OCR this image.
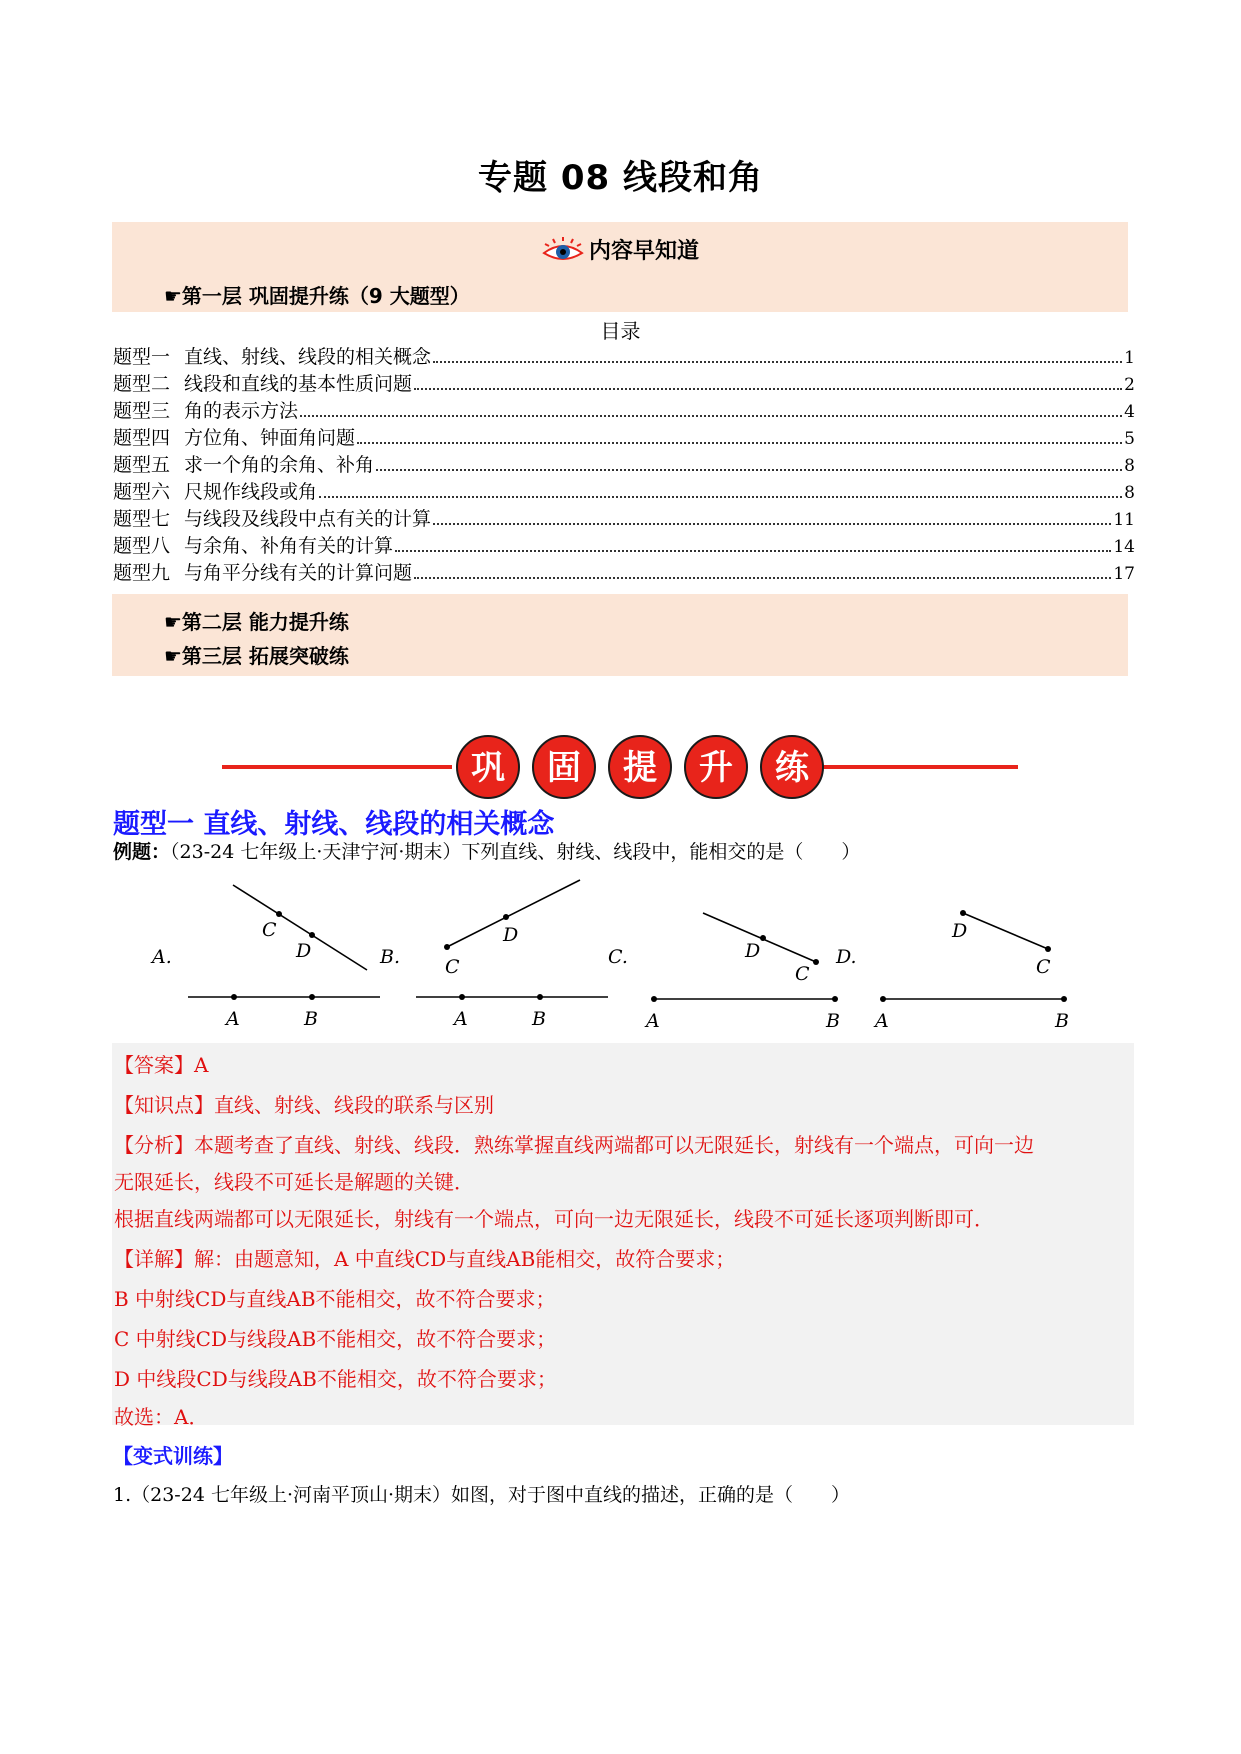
专题 08 线段和角
内容早知道
☛第一层 巩固提升练（9 大题型）
目录
题型一 直线、射线、线段的相关概念	1
题型二 线段和直线的基本性质问题	2
题型三 角的表示方法	4
题型四 方位角、钟面角问题	5
题型五 求一个角的余角、补角	8
题型六 尺规作线段或角	8
题型七 与线段及线段中点有关的计算	11
题型八 与余角、补角有关的计算	14
题型九 与角平分线有关的计算问题	17
☛第二层 能力提升练
☛第三层 拓展突破练
巩 固 提 升 练
题型一 直线、射线、线段的相关概念
例题：（23-24 七年级上·天津宁河·期末）下列直线、射线、线段中，能相交的是（　　）
A.
C
D
A	B
B. C
D
A	B
C.	D
C
A	B
D.
D
C
A	B
【答案】A
【知识点】直线、射线、线段的联系与区别
【分析】本题考查了直线、射线、线段．熟练掌握直线两端都可以无限延长，射线有一个端点，可向一边
无限延长，线段不可延长是解题的关键．
根据直线两端都可以无限延长，射线有一个端点，可向一边无限延长，线段不可延长逐项判断即可．
【详解】解：由题意知，A 中直线CD与直线AB能相交，故符合要求；
B 中射线CD与直线AB不能相交，故不符合要求；
C 中射线CD与线段AB不能相交，故不符合要求；
D 中线段CD与线段AB不能相交，故不符合要求；
故选：A．
【变式训练】
1.（23-24 七年级上·河南平顶山·期末）如图，对于图中直线的描述，正确的是（　　）
